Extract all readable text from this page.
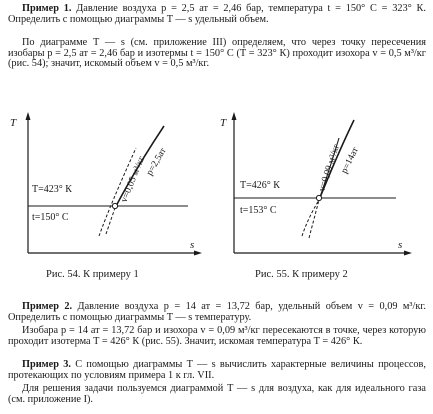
Пример 1. Давление воздуха p = 2,5 ат = 2,46 бар, температура t = 150° С = 323° К. Определить с помощью диаграммы T — s удельный объем.

По диаграмме T — s (см. приложение III) определяем, что через точку пересечения изобары p = 2,5 ат = 2,46 бар и изотермы t = 150° С (T = 323° К) проходит изохора v = 0,5 м³/кг (рис. 54); значит, искомый объем v = 0,5 м³/кг.

T
s
v=0,05 м³/кг
p=2,5ат
T=423° К
t=150° С
Рис. 54. К примеру 1
T
s
v=0,09 м³/кг
p=14ат
T=426° К
t=153° С
Рис. 55. К примеру 2

Пример 2. Давление воздуха p = 14 ат = 13,72 бар, удельный объем v = 0,09 м³/кг. Определить с помощью диаграммы T — s температуру.

Изобара p = 14 ат = 13,72 бар и изохора v = 0,09 м³/кг пересекаются в точке, через которую проходит изотерма T = 426° К (рис. 55). Значит, искомая температура T = 426° К.

Пример 3. С помощью диаграммы T — s вычислить характерные величины процессов, протекающих по условиям примера 1 к гл. VII.

Для решения задачи пользуемся диаграммой T — s для воздуха, как для идеального газа (см. приложение I).
